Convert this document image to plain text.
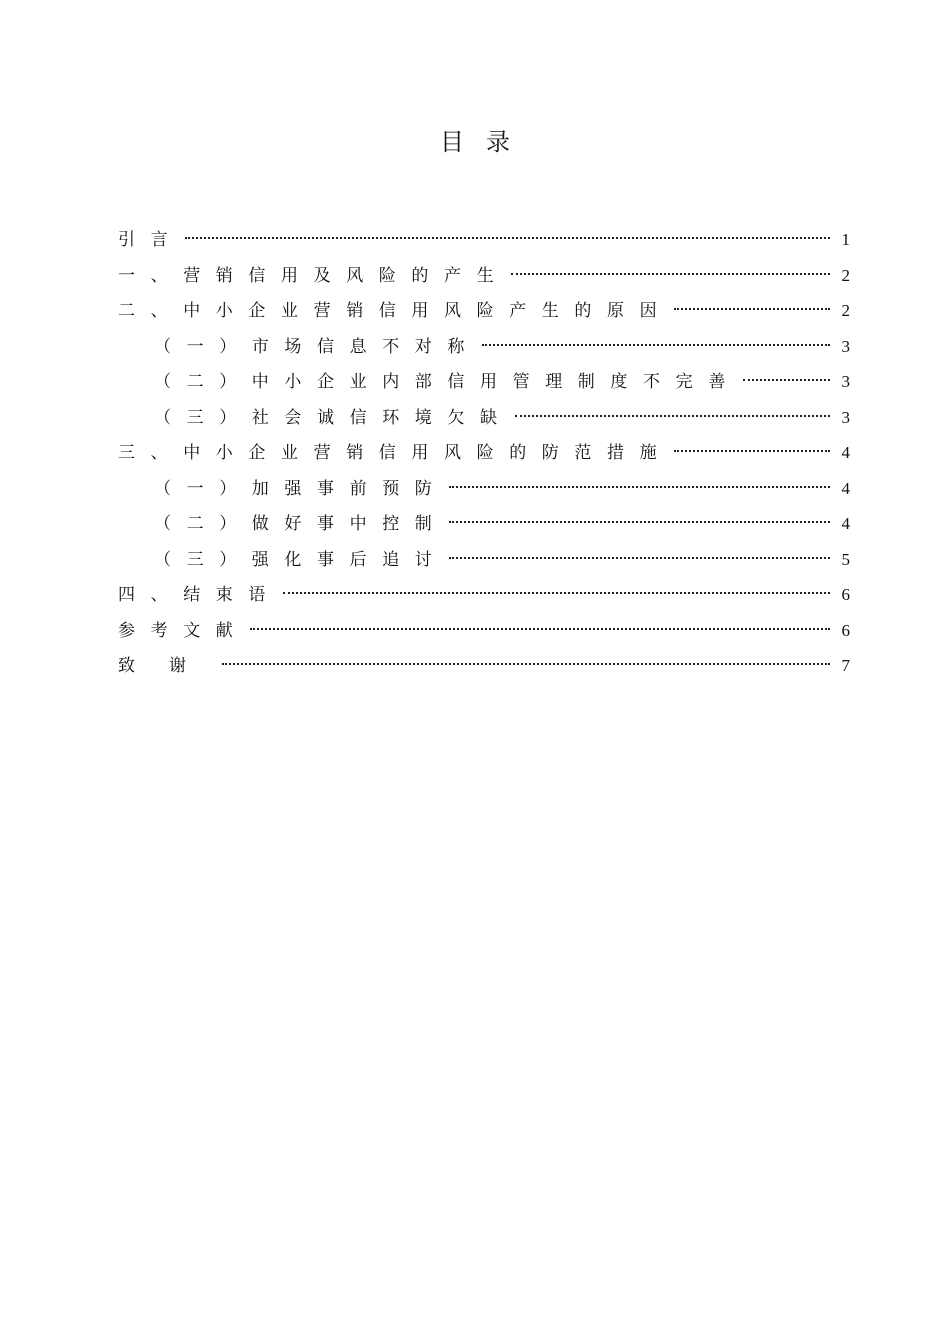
目录
引言	1
一、营销信用及风险的产生	2
二、中小企业营销信用风险产生的原因	2
（一）市场信息不对称	3
（二）中小企业内部信用管理制度不完善	3
（三）社会诚信环境欠缺	3
三、中小企业营销信用风险的防范措施	4
（一）加强事前预防	4
（二）做好事中控制	4
（三）强化事后追讨	5
四、结束语	6
参考文献	6
致谢	7
